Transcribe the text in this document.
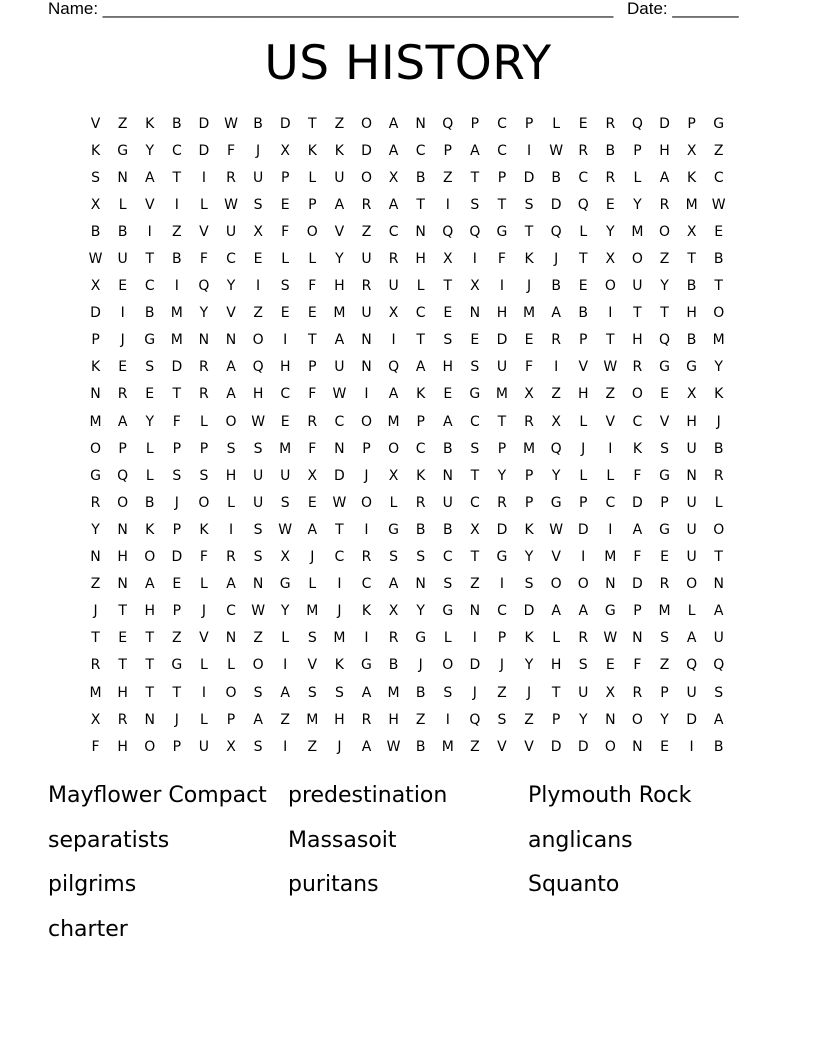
Name: ______________________________________________________ Date: _______
US HISTORY
V	Z	K	B	D	W	B	D	T	Z	O	A	N	Q	P	C	P	L	E	R	Q	D	P	G
K	G	Y	C	D	F	J	X	K	K	D	A	C	P	A	C	I	W	R	B	P	H	X	Z
S	N	A	T	I	R	U	P	L	U	O	X	B	Z	T	P	D	B	C	R	L	A	K	C
X	L	V	I	L	W	S	E	P	A	R	A	T	I	S	T	S	D	Q	E	Y	R	M	W
B	B	I	Z	V	U	X	F	O	V	Z	C	N	Q	Q	G	T	Q	L	Y	M	O	X	E
W	U	T	B	F	C	E	L	L	Y	U	R	H	X	I	F	K	J	T	X	O	Z	T	B
X	E	C	I	Q	Y	I	S	F	H	R	U	L	T	X	I	J	B	E	O	U	Y	B	T
D	I	B	M	Y	V	Z	E	E	M	U	X	C	E	N	H	M	A	B	I	T	T	H	O
P	J	G	M	N	N	O	I	T	A	N	I	T	S	E	D	E	R	P	T	H	Q	B	M
K	E	S	D	R	A	Q	H	P	U	N	Q	A	H	S	U	F	I	V	W	R	G	G	Y
N	R	E	T	R	A	H	C	F	W	I	A	K	E	G	M	X	Z	H	Z	O	E	X	K
M	A	Y	F	L	O	W	E	R	C	O	M	P	A	C	T	R	X	L	V	C	V	H	J
O	P	L	P	P	S	S	M	F	N	P	O	C	B	S	P	M	Q	J	I	K	S	U	B
G	Q	L	S	S	H	U	U	X	D	J	X	K	N	T	Y	P	Y	L	L	F	G	N	R
R	O	B	J	O	L	U	S	E	W	O	L	R	U	C	R	P	G	P	C	D	P	U	L
Y	N	K	P	K	I	S	W	A	T	I	G	B	B	X	D	K	W	D	I	A	G	U	O
N	H	O	D	F	R	S	X	J	C	R	S	S	C	T	G	Y	V	I	M	F	E	U	T
Z	N	A	E	L	A	N	G	L	I	C	A	N	S	Z	I	S	O	O	N	D	R	O	N
J	T	H	P	J	C	W	Y	M	J	K	X	Y	G	N	C	D	A	A	G	P	M	L	A
T	E	T	Z	V	N	Z	L	S	M	I	R	G	L	I	P	K	L	R	W	N	S	A	U
R	T	T	G	L	L	O	I	V	K	G	B	J	O	D	J	Y	H	S	E	F	Z	Q	Q
M	H	T	T	I	O	S	A	S	S	A	M	B	S	J	Z	J	T	U	X	R	P	U	S
X	R	N	J	L	P	A	Z	M	H	R	H	Z	I	Q	S	Z	P	Y	N	O	Y	D	A
F	H	O	P	U	X	S	I	Z	J	A	W	B	M	Z	V	V	D	D	O	N	E	I	B
Mayflower Compact predestination	Plymouth Rock
separatists	Massasoit	anglicans
pilgrims	puritans	Squanto
charter
